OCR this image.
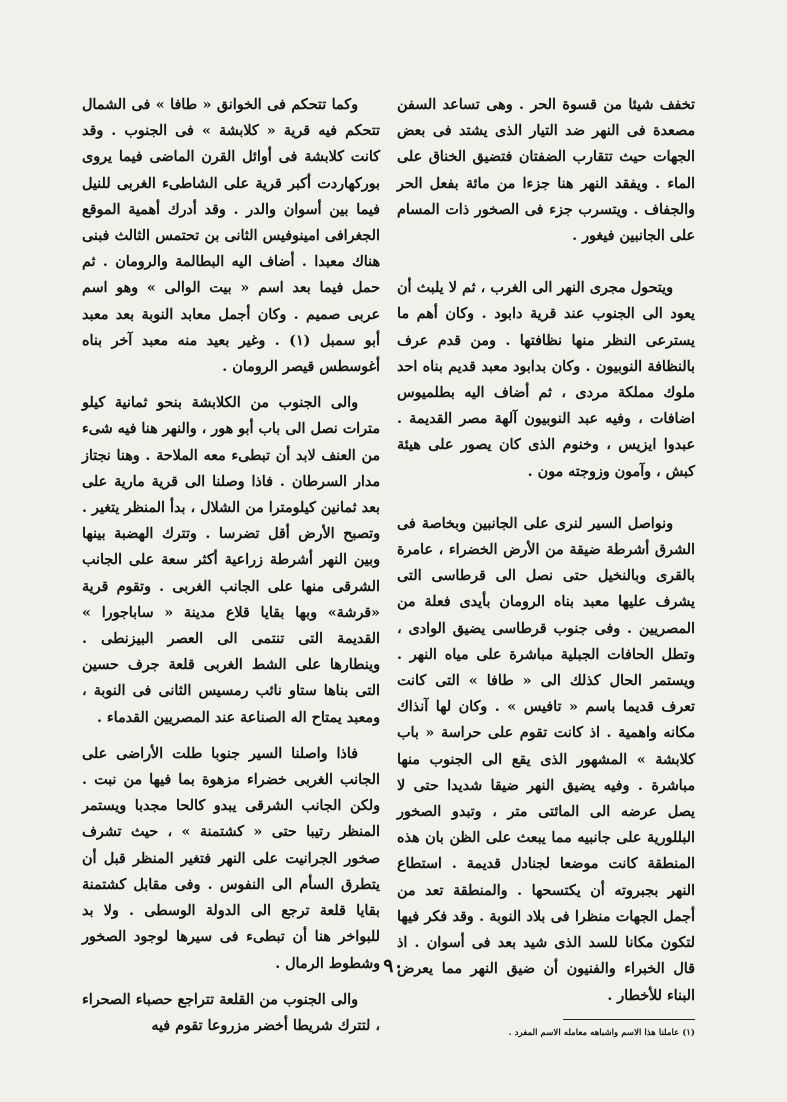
تخفف شيئا من قسوة الحر . وهى تساعد السفن مصعدة فى النهر ضد التيار الذى يشتد فى بعض الجهات حيث تتقارب الضفتان فتضيق الخناق على الماء . ويفقد النهر هنا جزءا من مائة بفعل الحر والجفاف . ويتسرب جزء فى الصخور ذات المسام على الجانبين فيغور .

ويتحول مجرى النهر الى الغرب ، ثم لا يلبث أن يعود الى الجنوب عند قرية دابود . وكان أهم ما يسترعى النظر منها نظافتها . ومن قدم عرف بالنظافة النوبيون . وكان بدابود معبد قديم بناه احد ملوك مملكة مردى ، ثم أضاف اليه بطلميوس اضافات ، وفيه عبد النوبيون آلهة مصر القديمة . عبدوا ايزيس ، وخنوم الذى كان يصور على هيئة كبش ، وآمون وزوجته مون .

ونواصل السير لنرى على الجانبين وبخاصة فى الشرق أشرطة ضيقة من الأرض الخضراء ، عامرة بالقرى وبالنخيل حتى نصل الى قرطاسى التى يشرف عليها معبد بناه الرومان بأيدى فعلة من المصريين . وفى جنوب قرطاسى يضيق الوادى ، وتطل الحافات الجبلية مباشرة على مياه النهر . ويستمر الحال كذلك الى « طافا » التى كانت تعرف قديما باسم « تافيس » . وكان لها آنذاك مكانه واهمية . اذ كانت تقوم على حراسة « باب كلابشة » المشهور الذى يقع الى الجنوب منها مباشرة . وفيه يضيق النهر ضيقا شديدا حتى لا يصل عرضه الى المائتى متر ، وتبدو الصخور البللورية على جانبيه مما يبعث على الظن بان هذه المنطقة كانت موضعا لجنادل قديمة . استطاع النهر بجبروته أن يكتسحها . والمنطقة تعد من أجمل الجهات منظرا فى بلاد النوبة . وقد فكر فيها لتكون مكانا للسد الذى شيد بعد فى أسوان . اذ قال الخبراء والفنيون أن ضيق النهر مما يعرض البناء للأخطار .

(١) عاملنا هذا الاسم واشباهه معامله الاسم المفرد .

وكما تتحكم فى الخوانق « طافا » فى الشمال تتحكم فيه قرية « كلابشة » فى الجنوب . وقد كانت كلابشة فى أوائل القرن الماضى فيما يروى بوركهاردت أكبر قرية على الشاطىء الغربى للنيل فيما بين أسوان والدر . وقد أدرك أهمية الموقع الجغرافى امينوفيس الثانى بن تحتمس الثالث فبنى هناك معبدا . أضاف اليه البطالمة والرومان . ثم حمل فيما بعد اسم « بيت الوالى » وهو اسم عربى صميم . وكان أجمل معابد النوبة بعد معبد أبو سمبل (١) . وغير بعيد منه معبد آخر بناه أغوسطس قيصر الرومان .

والى الجنوب من الكلابشة بنحو ثمانية كيلو مترات نصل الى باب أبو هور ، والنهر هنا فيه شىء من العنف لابد أن تبطىء معه الملاحة . وهنا نجتاز مدار السرطان . فاذا وصلنا الى قرية مارية على بعد ثمانين كيلومترا من الشلال ، بدأ المنظر يتغير . وتصبح الأرض أقل تضرسا . وتترك الهضبة بينها وبين النهر أشرطة زراعية أكثر سعة على الجانب الشرقى منها على الجانب الغربى . وتقوم قرية «قرشة» وبها بقايا قلاع مدينة « ساباجورا » القديمة التى تنتمى الى العصر البيزنطى . وينطارها على الشط الغربى قلعة جرف حسين التى بناها ستاو نائب رمسيس الثانى فى النوبة ، ومعبد يمتاح اله الصناعة عند المصريين القدماء .

فاذا واصلنا السير جنوبا طلت الأراضى على الجانب الغربى خضراء مزهوة بما فيها من نبت . ولكن الجانب الشرقى يبدو كالحا مجدبا ويستمر المنظر رتيبا حتى « كشتمنة » ، حيث تشرف صخور الجرانيت على النهر فتغير المنظر قبل أن يتطرق السأم الى النفوس . وفى مقابل كشتمنة بقايا قلعة ترجع الى الدولة الوسطى . ولا بد للبواخر هنا أن تبطىء فى سيرها لوجود الصخور وشطوط الرمال .

والى الجنوب من القلعة تتراجع حصباء الصحراء ، لتترك شريطا أخضر مزروعا تقوم فيه

٩٠
